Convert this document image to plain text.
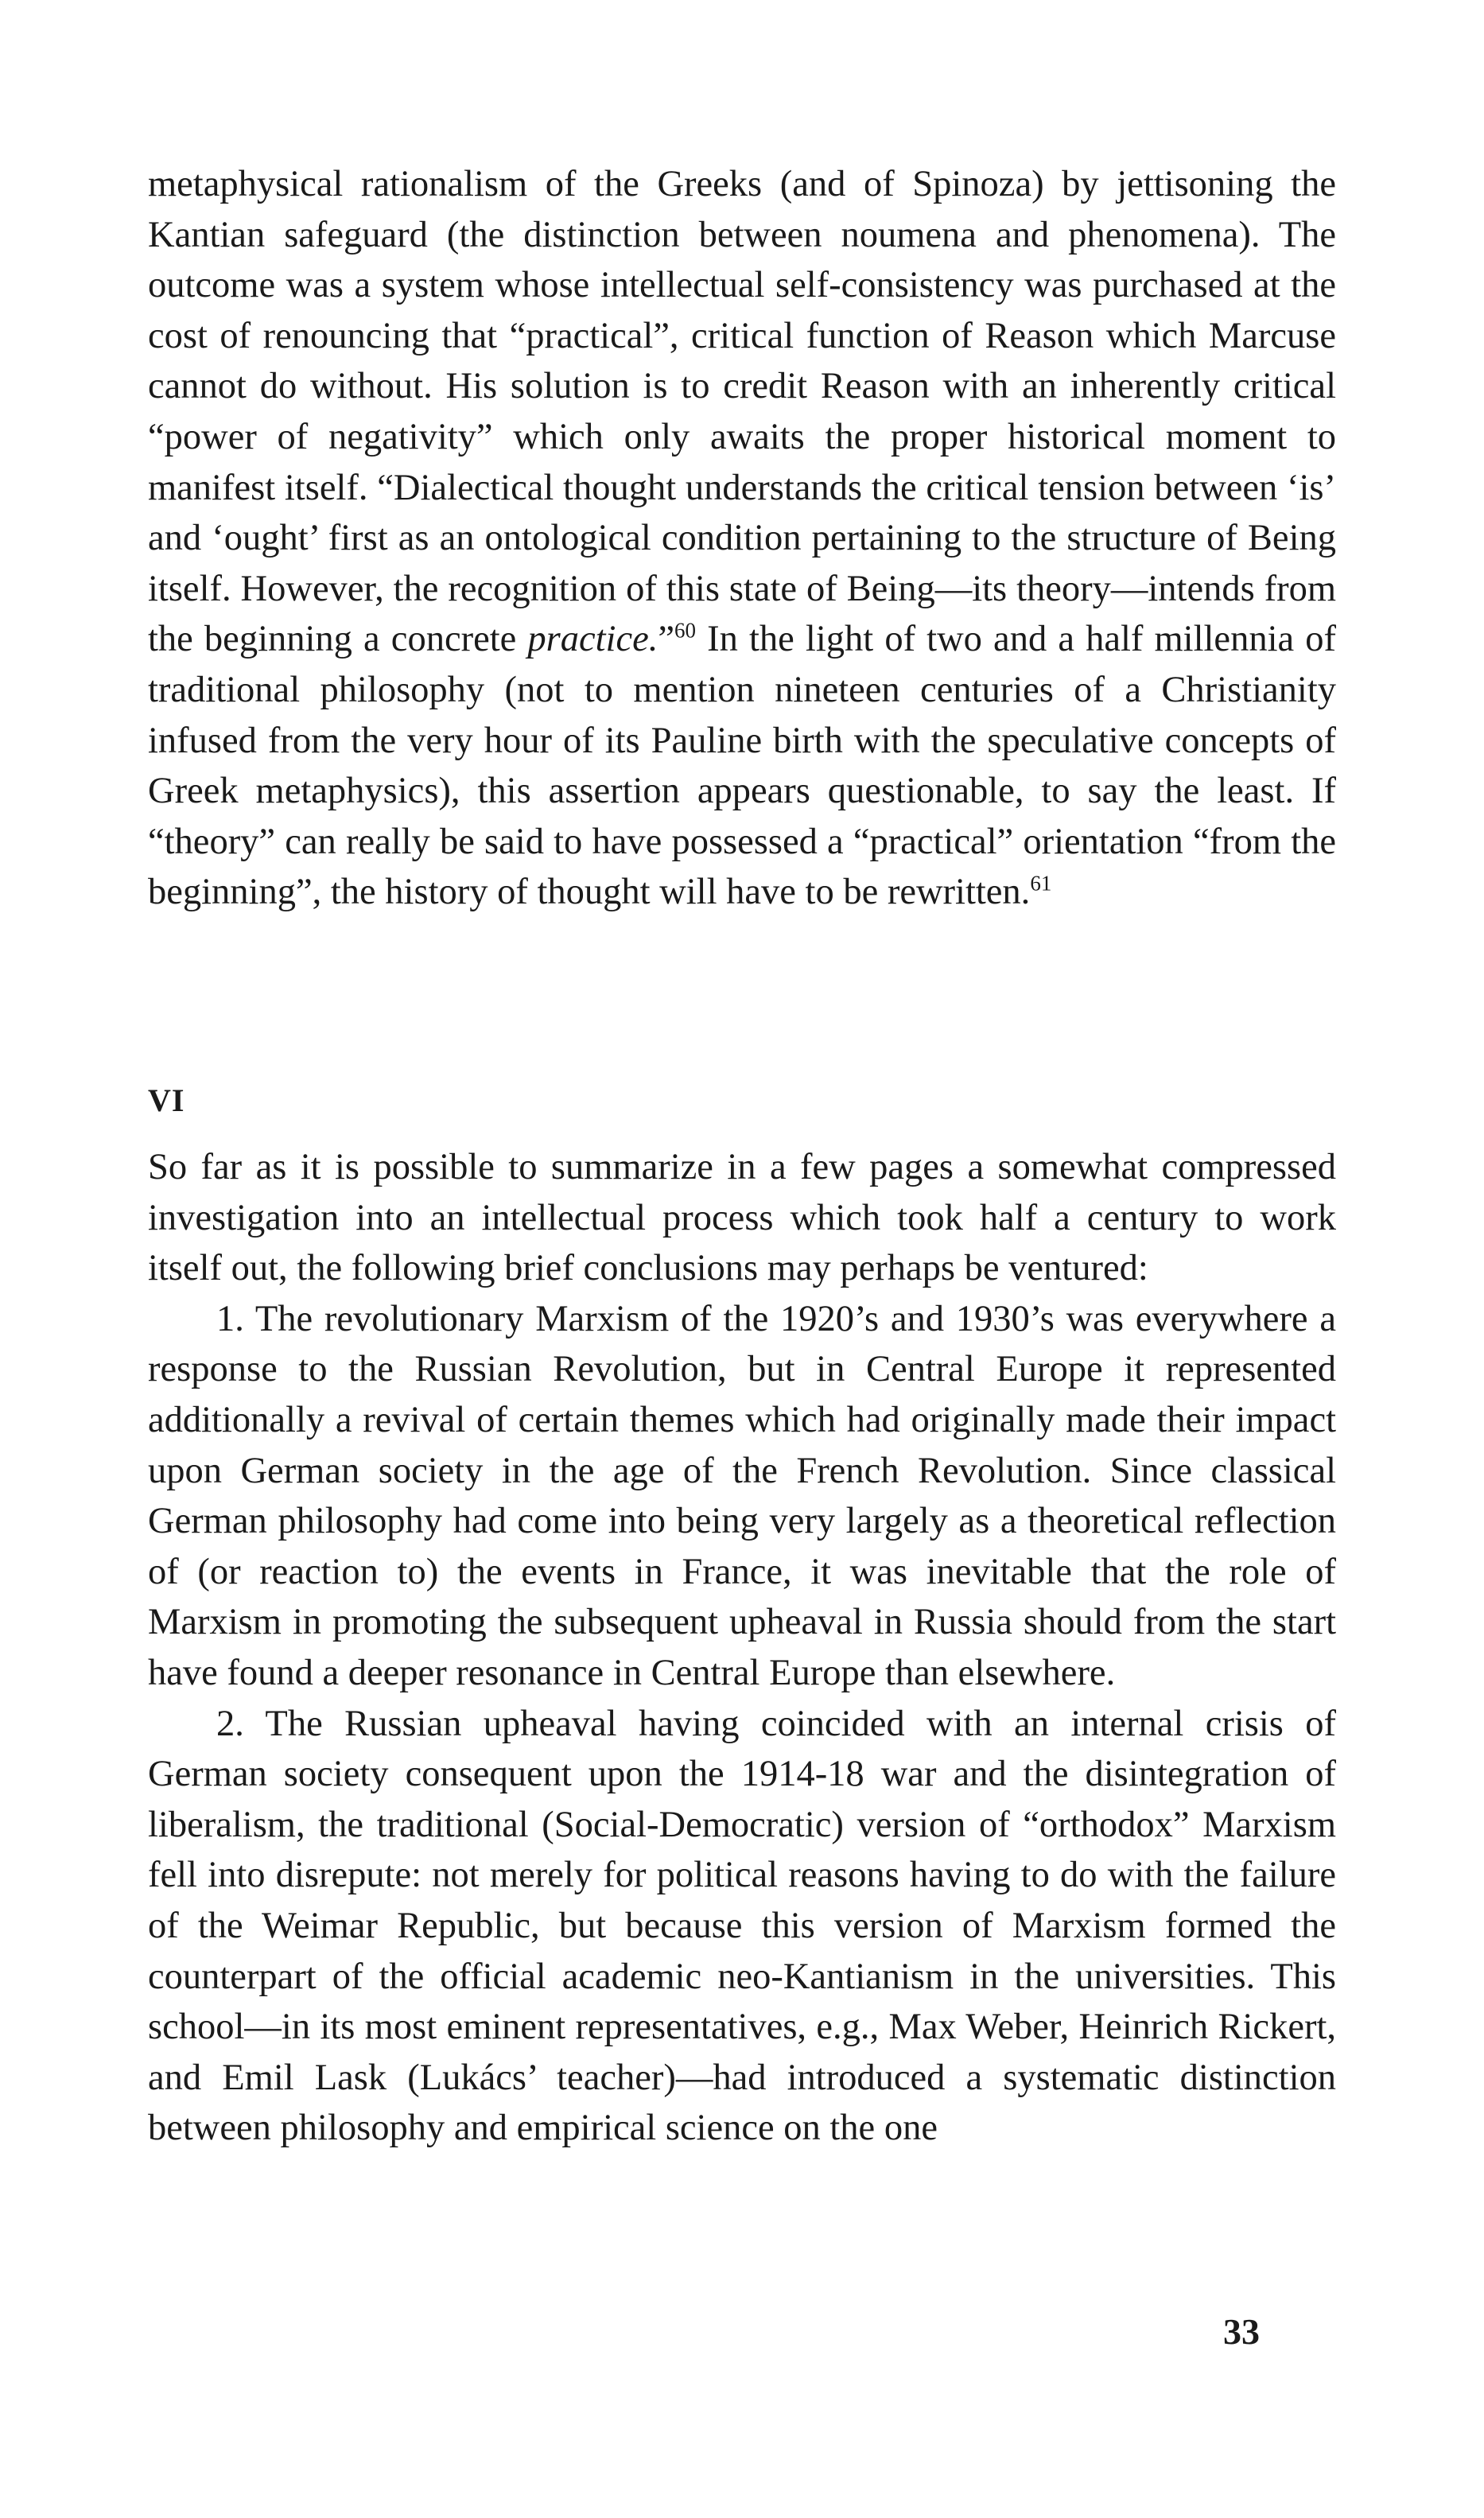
metaphysical rationalism of the Greeks (and of Spinoza) by jettisoning the Kantian safeguard (the distinction between noumena and phenomena). The outcome was a system whose intellectual self-consistency was purchased at the cost of renouncing that “practical”, critical function of Reason which Marcuse cannot do without. His solution is to credit Reason with an inherently critical “power of negativity” which only awaits the proper historical moment to manifest itself. “Dialectical thought understands the critical tension between ‘is’ and ‘ought’ first as an ontological condition pertaining to the structure of Being itself. However, the recognition of this state of Being—its theory—intends from the beginning a concrete practice.”$^{60}$ In the light of two and a half millennia of traditional philosophy (not to mention nineteen centuries of a Christianity infused from the very hour of its Pauline birth with the speculative concepts of Greek metaphysics), this assertion appears questionable, to say the least. If “theory” can really be said to have possessed a “practical” orientation “from the beginning”, the history of thought will have to be rewritten.$^{61}$

VI

So far as it is possible to summarize in a few pages a somewhat compressed investigation into an intellectual process which took half a century to work itself out, the following brief conclusions may perhaps be ventured:

1. The revolutionary Marxism of the 1920’s and 1930’s was everywhere a response to the Russian Revolution, but in Central Europe it represented additionally a revival of certain themes which had originally made their impact upon German society in the age of the French Revolution. Since classical German philosophy had come into being very largely as a theoretical reflection of (or reaction to) the events in France, it was inevitable that the role of Marxism in promoting the subsequent upheaval in Russia should from the start have found a deeper resonance in Central Europe than elsewhere.

2. The Russian upheaval having coincided with an internal crisis of German society consequent upon the 1914-18 war and the disintegration of liberalism, the traditional (Social-Democratic) version of “orthodox” Marxism fell into disrepute: not merely for political reasons having to do with the failure of the Weimar Republic, but because this version of Marxism formed the counterpart of the official academic neo-Kantianism in the universities. This school—in its most eminent representatives, e.g., Max Weber, Heinrich Rickert, and Emil Lask (Lukács’ teacher)—had introduced a systematic distinction between philosophy and empirical science on the one

33
